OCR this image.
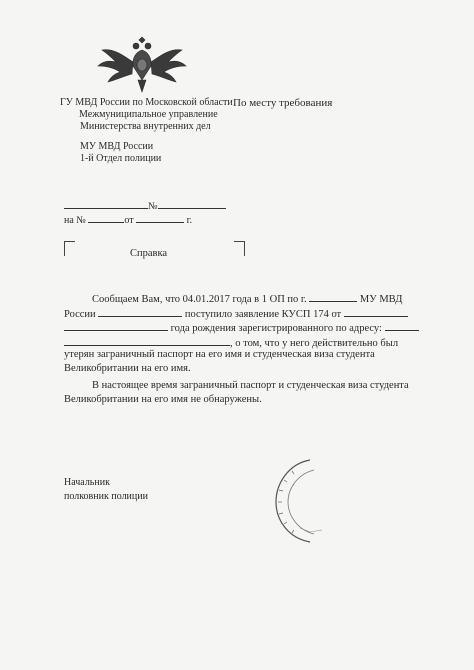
ГУ МВД России по Московской области
Межмуниципальное управление
Министерства внутренних дел
МУ МВД России
1-й Отдел полиции
По месту требования
№
на №	от	г.
Справка
Сообщаем Вам, что 04.01.2017 года в 1 ОП по г.	МУ МВД
России	поступило заявление КУСП 174 от
года рождения зарегистрированного по адресу:
, о том, что у него действительно был
утерян заграничный паспорт на его имя и студенческая виза студента
Великобритании на его имя.
В настоящее время заграничный паспорт и студенческая виза студента
Великобритании на его имя не обнаружены.
Начальник
полковник полиции
